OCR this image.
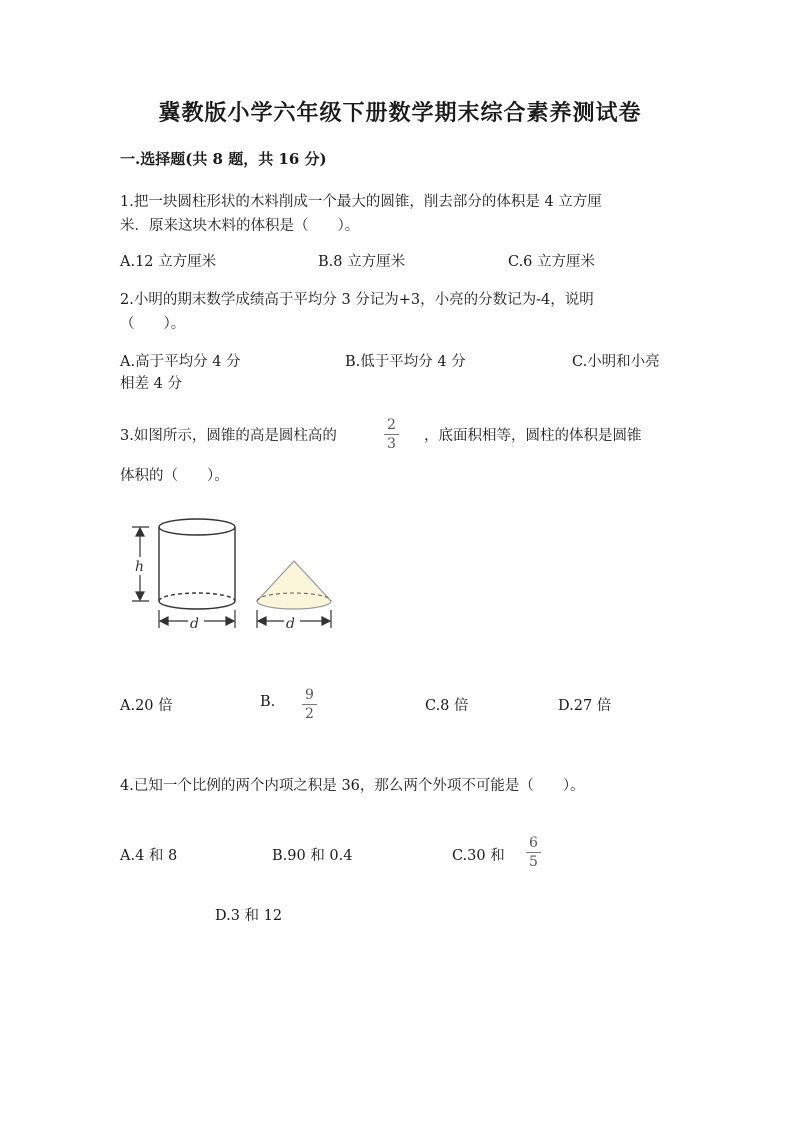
冀教版小学六年级下册数学期末综合素养测试卷
一.选择题(共 8 题，共 16 分)
1.把一块圆柱形状的木料削成一个最大的圆锥，削去部分的体积是 4 立方厘
米．原来这块木料的体积是（　　）。
A.12 立方厘米	B.8 立方厘米	C.6 立方厘米
2.小明的期末数学成绩高于平均分 3 分记为+3，小亮的分数记为-4，说明
（　　）。
A.高于平均分 4 分	B.低于平均分 4 分	C.小明和小亮
相差 4 分
3.如图所示，圆锥的高是圆柱高的	$\frac{2}{3}$ ，底面积相等，圆柱的体积是圆锥
体积的（　　）。
h
d	d
A.20 倍	B. $\frac{9}{2}$	C.8 倍	D.27 倍
4.已知一个比例的两个内项之积是 36，那么两个外项不可能是（　　）。
A.4 和 8	B.90 和 0.4	C.30 和 $\frac{6}{5}$
D.3 和 12
